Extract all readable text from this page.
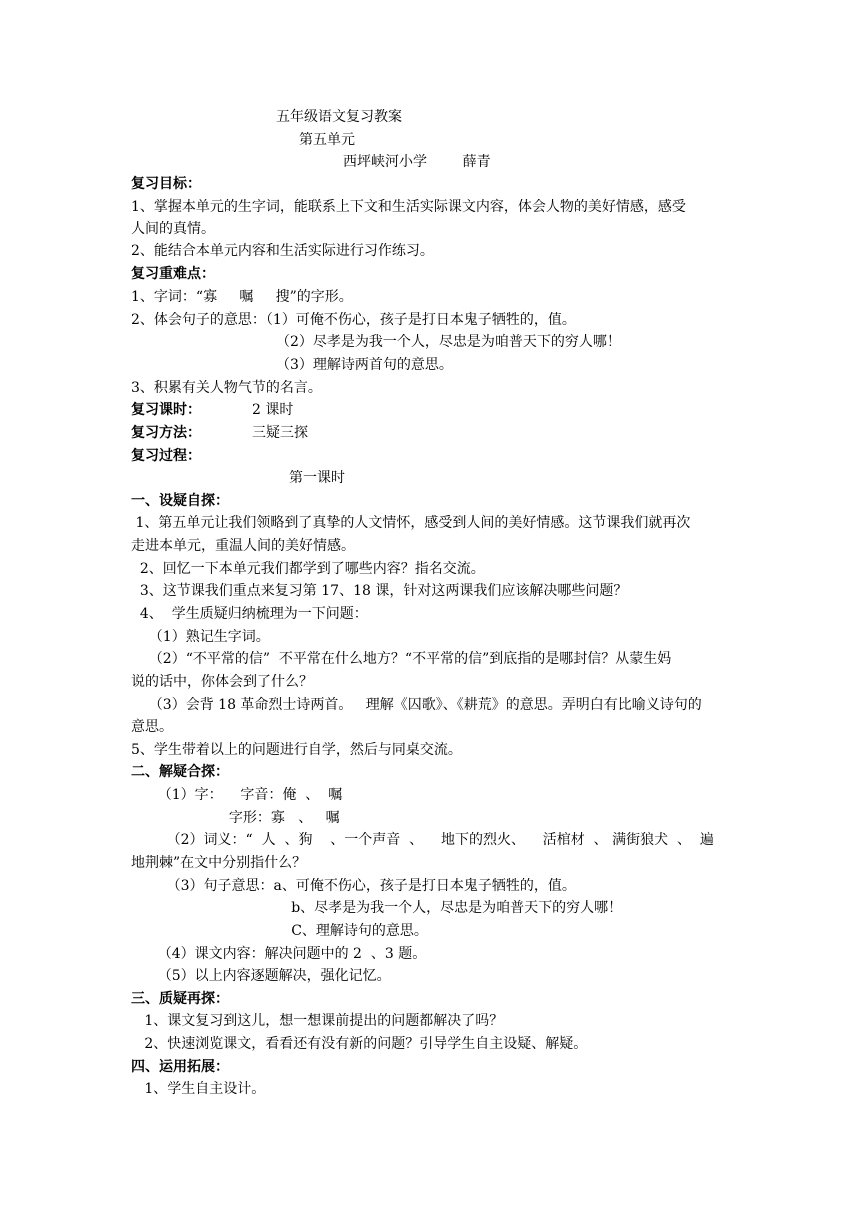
五年级语文复习教案
第五单元
西坪峡河小学        薛青
复习目标：
1、掌握本单元的生字词，能联系上下文和生活实际课文内容，体会人物的美好情感，感受
人间的真情。
2、能结合本单元内容和生活实际进行习作练习。
复习重难点：
1、字词：“寡     嘱     搜”的字形。
2、体会句子的意思：（1）可俺不伤心，孩子是打日本鬼子牺牲的，值。
（2）尽孝是为我一个人，尽忠是为咱普天下的穷人哪！
（3）理解诗两首句的意思。
3、积累有关人物气节的名言。
复习课时：	2 课时
复习方法：	三疑三探
复习过程：
第一课时
一、设疑自探：
1、第五单元让我们领略到了真挚的人文情怀，感受到人间的美好情感。这节课我们就再次
走进本单元，重温人间的美好情感。
2、回忆一下本单元我们都学到了哪些内容？指名交流。
3、这节课我们重点来复习第 17、18 课，针对这两课我们应该解决哪些问题？
4、  学生质疑归纳梳理为一下问题：
（1）熟记生字词。
（2）“不平常的信”  不平常在什么地方？“不平常的信”到底指的是哪封信？从蒙生妈
说的话中，你体会到了什么？
（3）会背 18 革命烈士诗两首。   理解《囚歌》、《耕荒》的意思。弄明白有比喻义诗句的
意思。
5、学生带着以上的问题进行自学，然后与同桌交流。
二、解疑合探：
（1）字：    字音：俺  、  嘱
字形：寡   、   嘱
（2）词义：“  人  、狗    、一个声音  、    地下的烈火、    活棺材  、 满街狼犬  、  遍
地荆棘”在文中分别指什么？
（3）句子意思：a、可俺不伤心，孩子是打日本鬼子牺牲的，值。
b、尽孝是为我一个人，尽忠是为咱普天下的穷人哪！
C、理解诗句的意思。
（4）课文内容：解决问题中的 2  、3 题。
（5）以上内容逐题解决，强化记忆。
三、质疑再探：
1、课文复习到这儿，想一想课前提出的问题都解决了吗？
2、快速浏览课文，看看还有没有新的问题？引导学生自主设疑、解疑。
四、运用拓展：
1、学生自主设计。
